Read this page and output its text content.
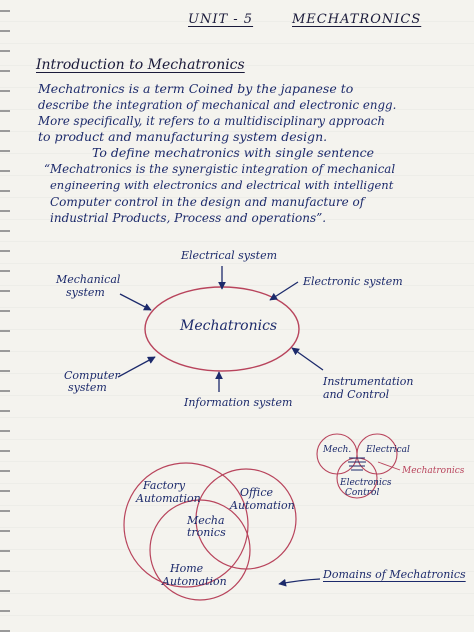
UNIT - 5	MECHATRONICS
Introduction to Mechatronics
Mechatronics is a term Coined by the japanese to
describe the integration of mechanical and electronic engg.
More specifically, it refers to a multidisciplinary approach
to product and manufacturing system design.
To define mechatronics with single sentence
“Mechatronics is the synergistic integration of mechanical
engineering with electronics and electrical with intelligent
Computer control in the design and manufacture of
industrial Products, Process and operations”.
Mechatronics
Electrical system
Electronic system
Mechanical
system
Computer
system
Information system
Instrumentation
and Control
Mech. Electrical
Electronics
Control
Mechatronics
Factory
Automation	Office
Automation
Mecha
tronics
Home
Automation
Domains of Mechatronics
